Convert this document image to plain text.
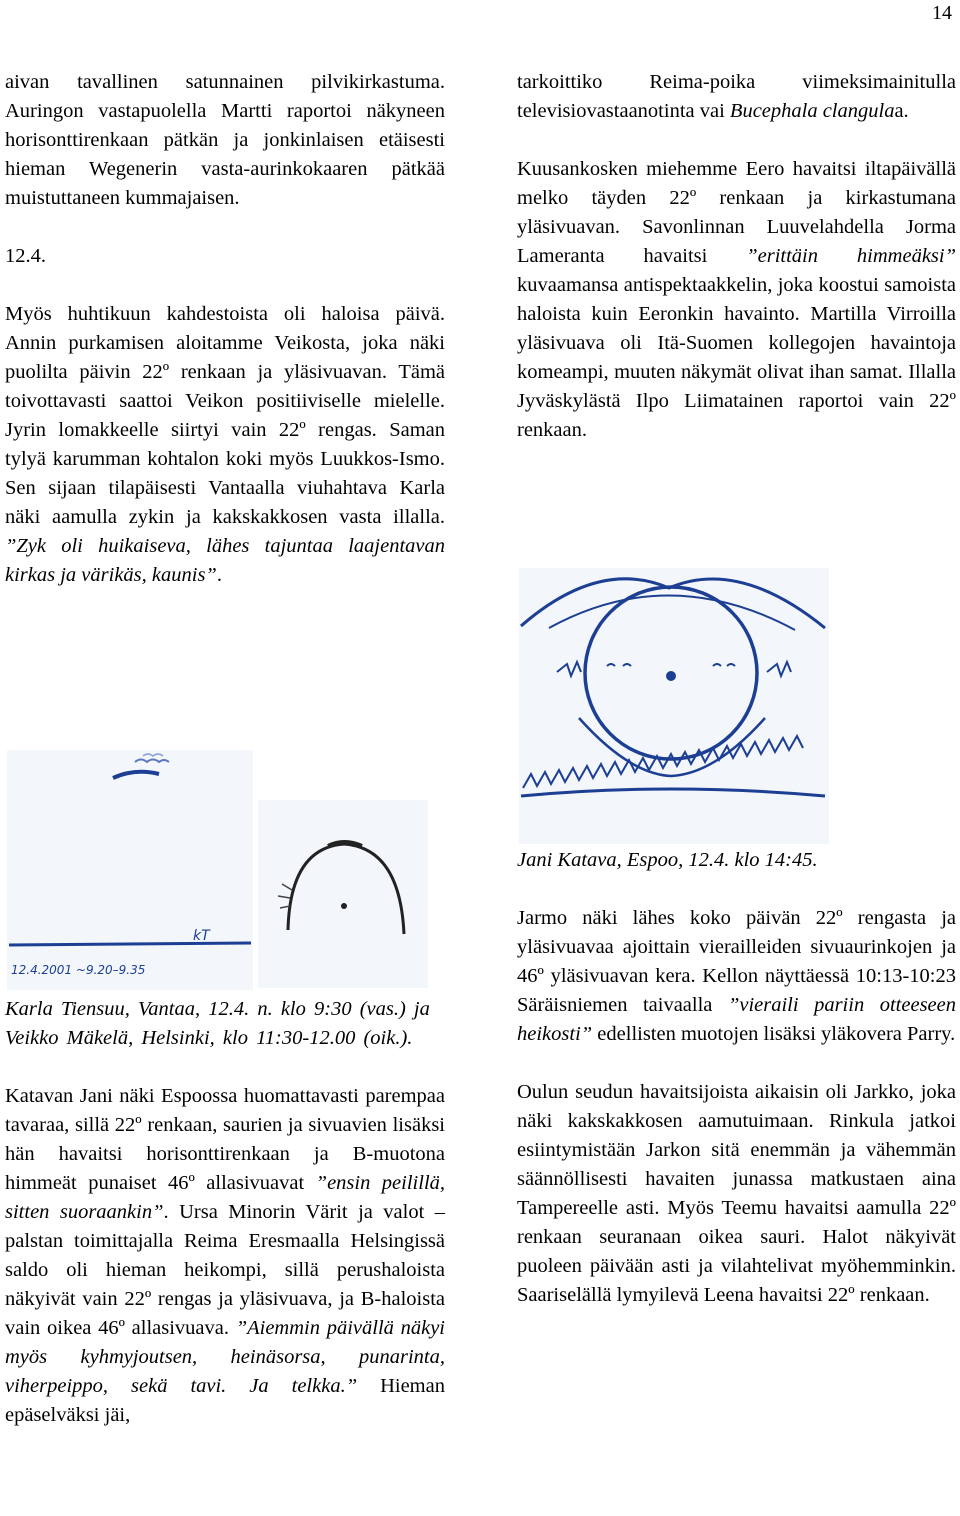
14

aivan tavallinen satunnainen pilvikirkastuma. Auringon vastapuolella Martti raportoi näkyneen horisonttirenkaan pätkän ja jonkinlaisen etäisesti hieman Wegenerin vasta-aurinkokaaren pätkää muistuttaneen kummajaisen.

12.4.

Myös huhtikuun kahdestoista oli haloisa päivä. Annin purkamisen aloitamme Veikosta, joka näki puolilta päivin 22º renkaan ja yläsivuavan. Tämä toivottavasti saattoi Veikon positiiviselle mielelle. Jyrin lomakkeelle siirtyi vain 22º rengas. Saman tylyä karumman kohtalon koki myös Luukkos-Ismo. Sen sijaan tilapäisesti Vantaalla viuhahtava Karla näki aamulla zykin ja kakskakkosen vasta illalla. ”Zyk oli huikaiseva, lähes tajuntaa laajentavan kirkas ja värikäs, kaunis”.

kT
12.4.2001 ~9.20–9.35

Karla Tiensuu, Vantaa, 12.4. n. klo 9:30 (vas.) ja Veikko Mäkelä, Helsinki, klo 11:30-12.00 (oik.).

Katavan Jani näki Espoossa huomattavasti parempaa tavaraa, sillä 22º renkaan, saurien ja sivuavien lisäksi hän havaitsi horisonttirenkaan ja B-muotona himmeät punaiset 46º allasivuavat ”ensin peilillä, sitten suoraankin”. Ursa Minorin Värit ja valot –palstan toimittajalla Reima Eresmaalla Helsingissä saldo oli hieman heikompi, sillä perushaloista näkyivät vain 22º rengas ja yläsivuava, ja B-haloista vain oikea 46º allasivuava. ”Aiemmin päivällä näkyi myös kyhmyjoutsen, heinäsorsa, punarinta, viherpeippo, sekä tavi. Ja telkka.” Hieman epäselväksi jäi,

tarkoittiko Reima-poika viimeksimainitulla televisiovastaanotinta vai Bucephala clangulaa.

Kuusankosken miehemme Eero havaitsi iltapäivällä melko täyden 22º renkaan ja kirkastumana yläsivuavan. Savonlinnan Luuvelahdella Jorma Lameranta havaitsi ”erittäin himmeäksi” kuvaamansa antispektaakkelin, joka koostui samoista haloista kuin Eeronkin havainto. Martilla Virroilla yläsivuava oli Itä-Suomen kollegojen havaintoja komeampi, muuten näkymät olivat ihan samat. Illalla Jyväskylästä Ilpo Liimatainen raportoi vain 22º renkaan.

Jani Katava, Espoo, 12.4. klo 14:45.

Jarmo näki lähes koko päivän 22º rengasta ja yläsivuavaa ajoittain vierailleiden sivuaurinkojen ja 46º yläsivuavan kera. Kellon näyttäessä 10:13-10:23 Säräisniemen taivaalla ”vieraili pariin otteeseen heikosti” edellisten muotojen lisäksi yläkovera Parry.

Oulun seudun havaitsijoista aikaisin oli Jarkko, joka näki kakskakkosen aamutuimaan. Rinkula jatkoi esiintymistään Jarkon sitä enemmän ja vähemmän säännöllisesti havaiten junassa matkustaen aina Tampereelle asti. Myös Teemu havaitsi aamulla 22º renkaan seuranaan oikea sauri. Halot näkyivät puoleen päivään asti ja vilahtelivat myöhemminkin. Saariselällä lymyilevä Leena havaitsi 22º renkaan.
